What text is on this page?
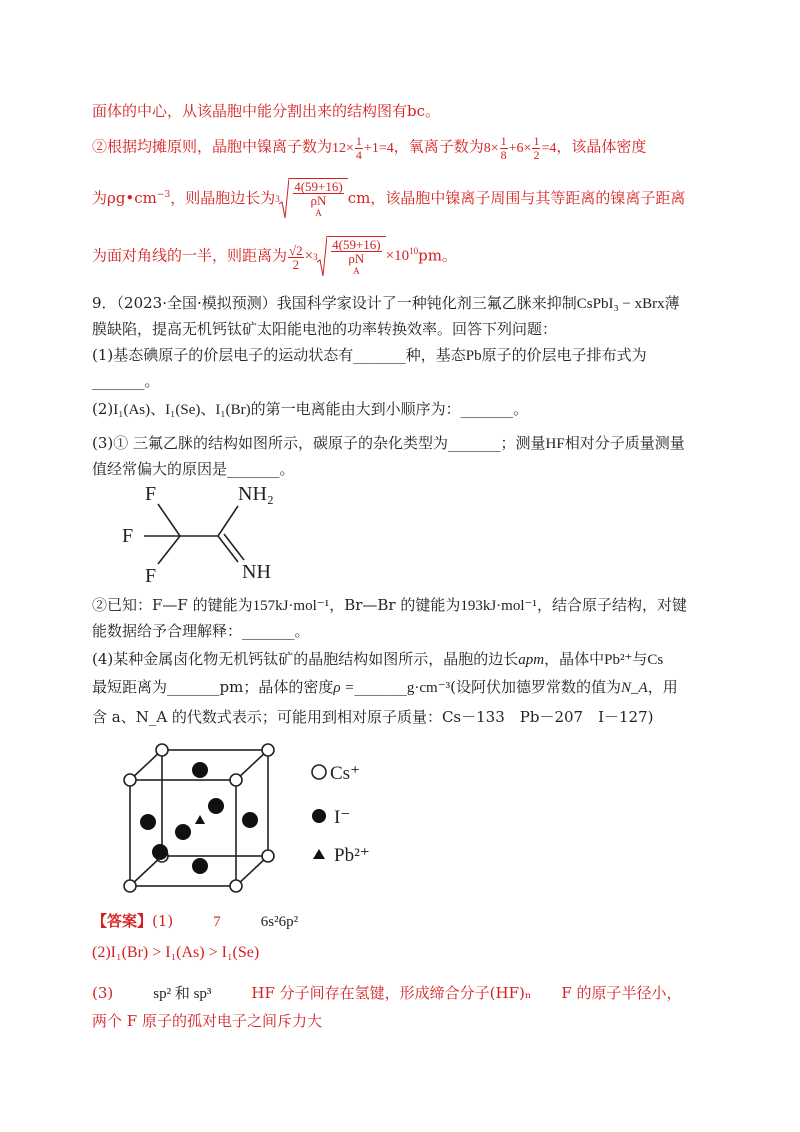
面体的中心，从该晶胞中能分割出来的结构图有bc。
②根据均摊原则，晶胞中镍离子数为$12\times \frac{1}{4} +1=4$，氧离子数为$8\times \frac{1}{8} +6\times \frac{1}{2} =4$，该晶体密度
为$\rho g•cm^{-3}$，则晶胞边长为 3 4(59+16)
ρN
A cm，该晶胞中镍离子周围与其等距离的镍离子距离
为面对角线的一半，则距离为 $\frac{√2}{2} \times 3$ 4(59+16)
ρN
$A \times 10^{10}pm$。
9．（2023·全国·模拟预测）我国科学家设计了一种钝化剂三氟乙脒来抑制CsPbI₃ − xBrx薄
膜缺陷，提高无机钙钛矿太阳能电池的功率转换效率。回答下列问题：
(1)基态碘原子的价层电子的运动状态有_______种，基态Pb原子的价层电子排布式为
_______。
(2)I₁(As)、I₁(Se)、I₁(Br)的第一电离能由大到小顺序为：_______。
(3)① 三氟乙脒的结构如图所示，碳原子的杂化类型为_______；测量HF相对分子质量测量
值经常偏大的原因是_______。
F
F
F
NH₂
NH
②已知：F—F 的键能为157kJ·mol⁻¹，Br—Br 的键能为193kJ·mol⁻¹，结合原子结构，对键
能数据给予合理解释：_______。
(4)某种金属卤化物无机钙钛矿的晶胞结构如图所示，晶胞的边长apm，晶体中Pb²⁺与Cs
最短距离为_______pm；晶体的密度ρ =_______g·cm⁻³(设阿伏加德罗常数的值为N_A，用
含 a、N_A 的代数式表示；可能用到相对原子质量：Cs－133　Pb－207　I－127)
Cs⁺
I⁻
Pb²⁺
【答案】(1)	7	6s²6p²
(2)I₁(Br) > I₁(As) > I₁(Se)
(3)	sp² 和 sp³	HF 分子间存在氢键，形成缔合分子(HF)ₙ F 的原子半径小，
两个 F 原子的孤对电子之间斥力大
